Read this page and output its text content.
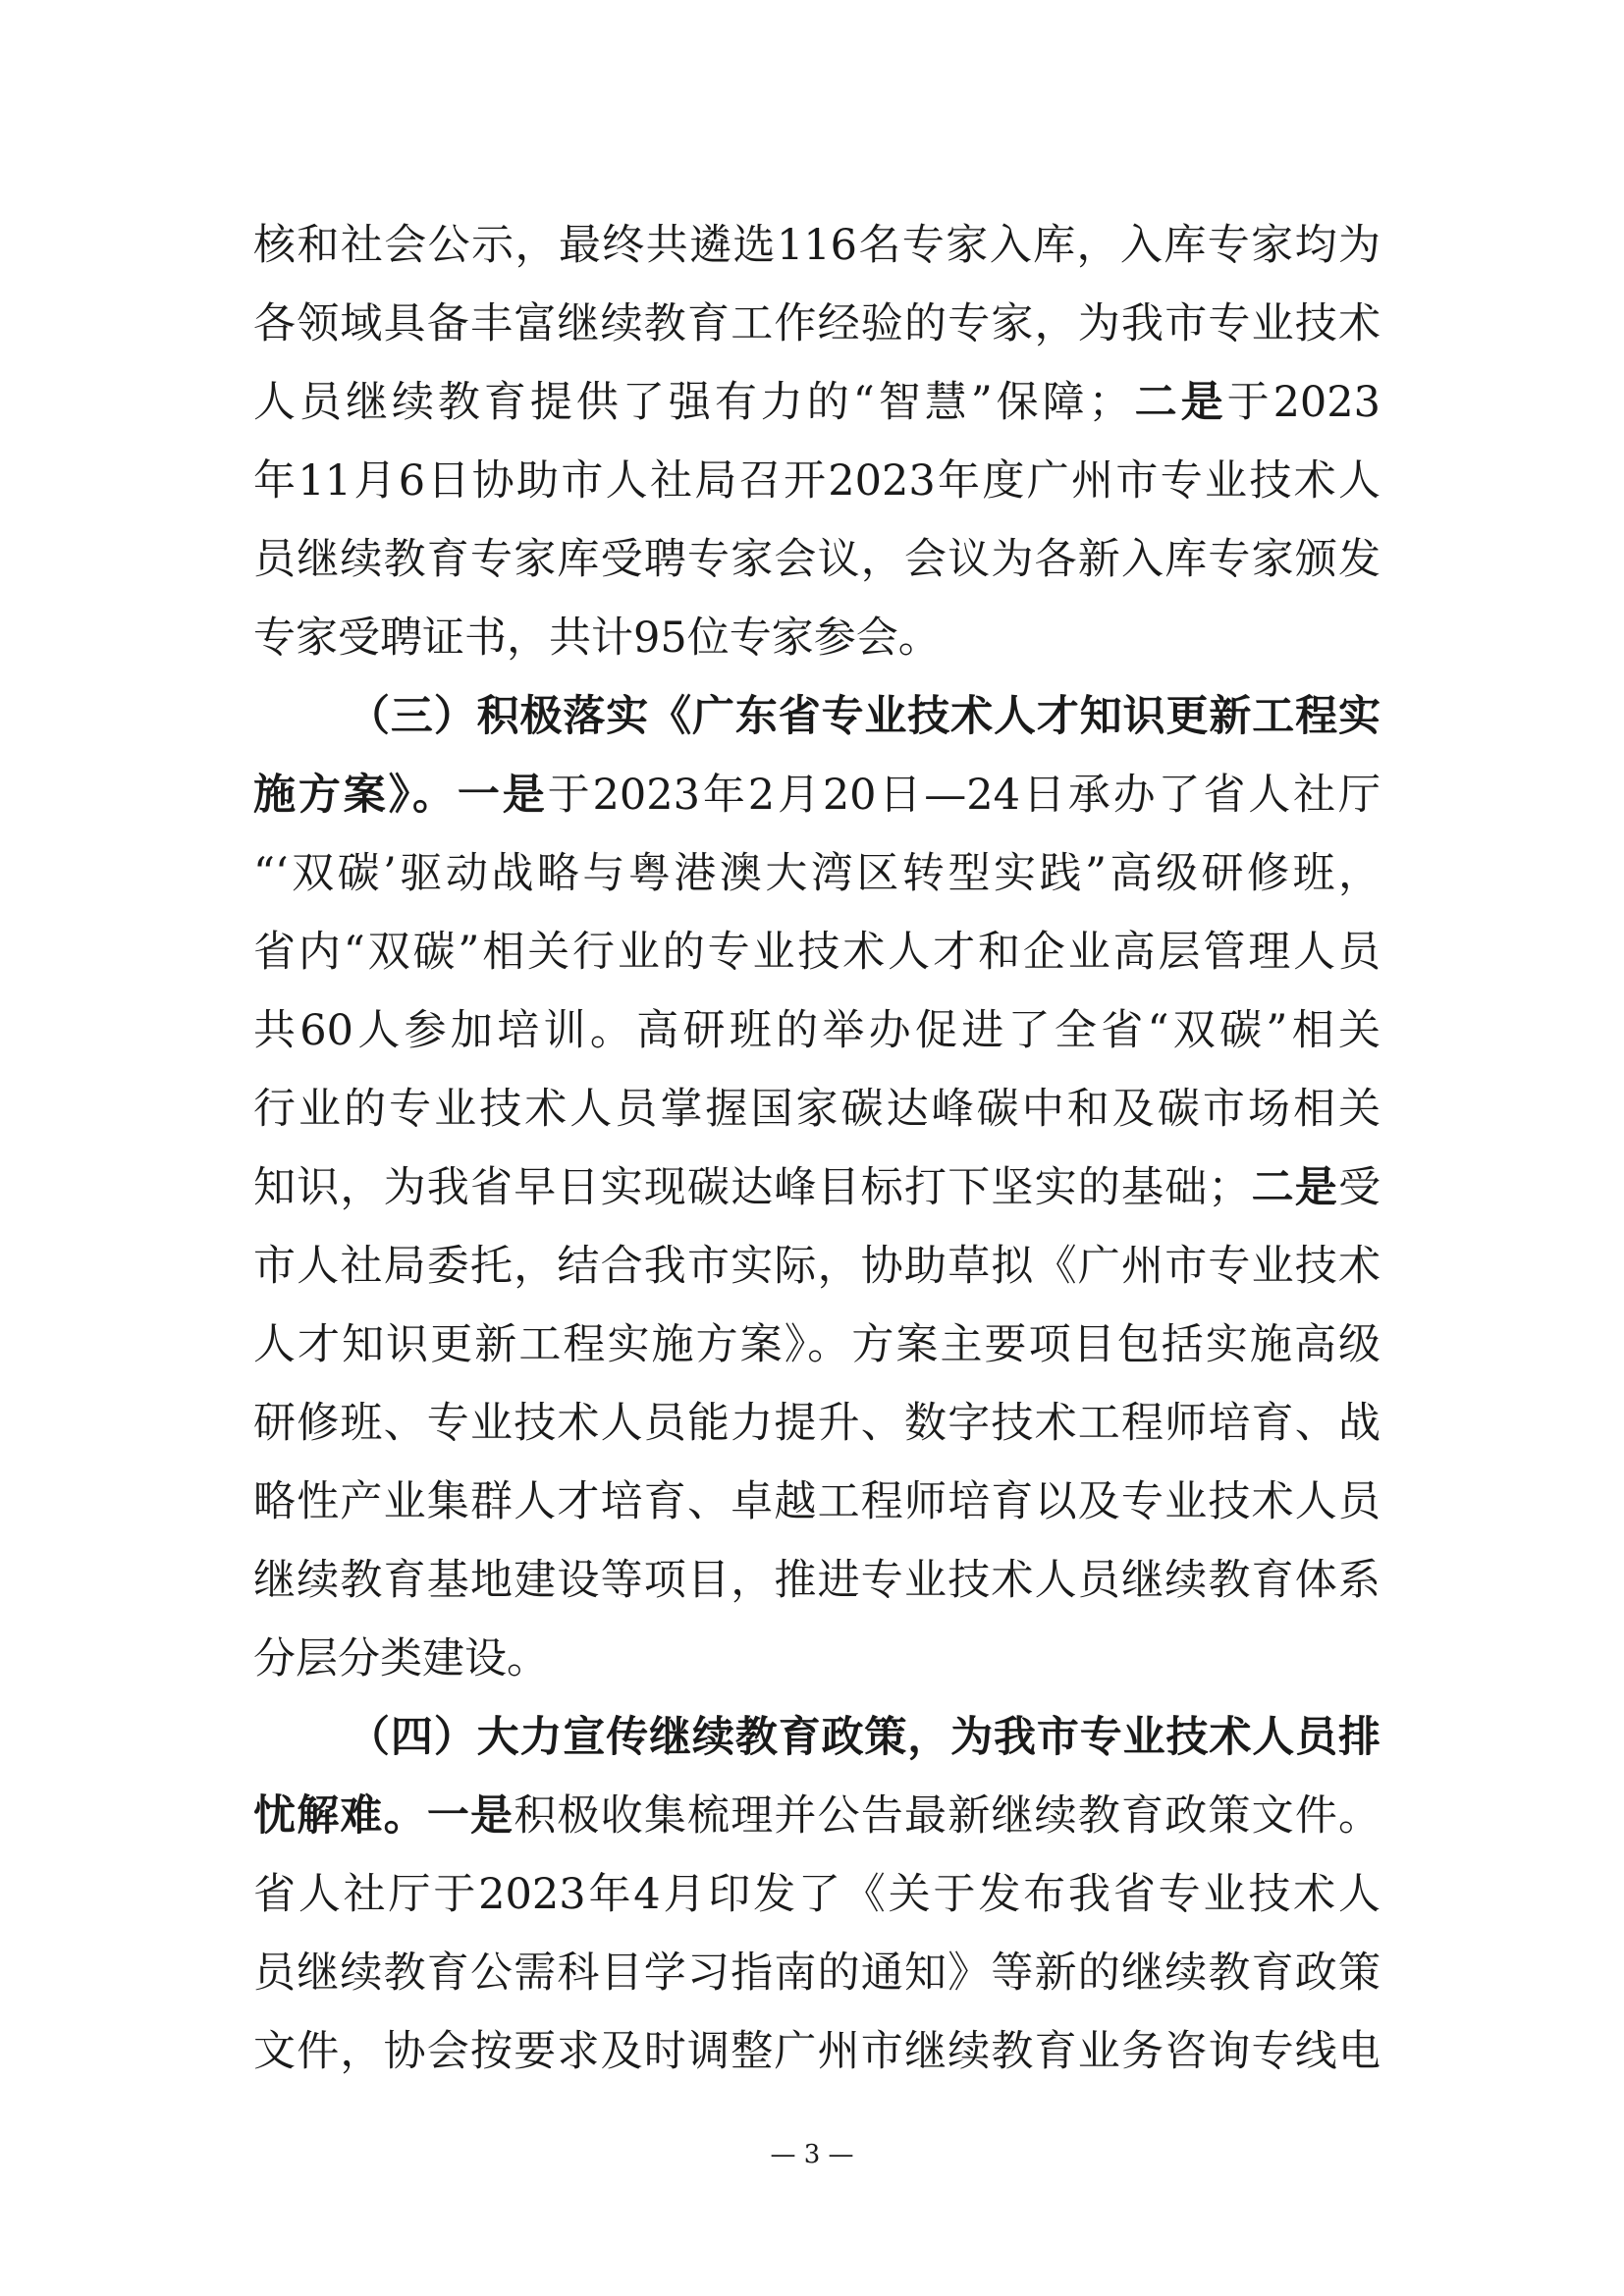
核和社会公示，最终共遴选116名专家入库，入库专家均为
各领域具备丰富继续教育工作经验的专家，为我市专业技术
人员继续教育提供了强有力的“智慧”保障；二是于2023
年11月6日协助市人社局召开2023年度广州市专业技术人
员继续教育专家库受聘专家会议，会议为各新入库专家颁发
专家受聘证书，共计95位专家参会。
（三）积极落实《广东省专业技术人才知识更新工程实
施方案》。一是于2023年2月20日—24日承办了省人社厅
“‘双碳’驱动战略与粤港澳大湾区转型实践”高级研修班，
省内“双碳”相关行业的专业技术人才和企业高层管理人员
共60人参加培训。高研班的举办促进了全省“双碳”相关
行业的专业技术人员掌握国家碳达峰碳中和及碳市场相关
知识，为我省早日实现碳达峰目标打下坚实的基础；二是受
市人社局委托，结合我市实际，协助草拟《广州市专业技术
人才知识更新工程实施方案》。方案主要项目包括实施高级
研修班、专业技术人员能力提升、数字技术工程师培育、战
略性产业集群人才培育、卓越工程师培育以及专业技术人员
继续教育基地建设等项目，推进专业技术人员继续教育体系
分层分类建设。
（四）大力宣传继续教育政策，为我市专业技术人员排
忧解难。一是积极收集梳理并公告最新继续教育政策文件。
省人社厅于2023年4月印发了《关于发布我省专业技术人
员继续教育公需科目学习指南的通知》等新的继续教育政策
文件，协会按要求及时调整广州市继续教育业务咨询专线电
— 3 —
